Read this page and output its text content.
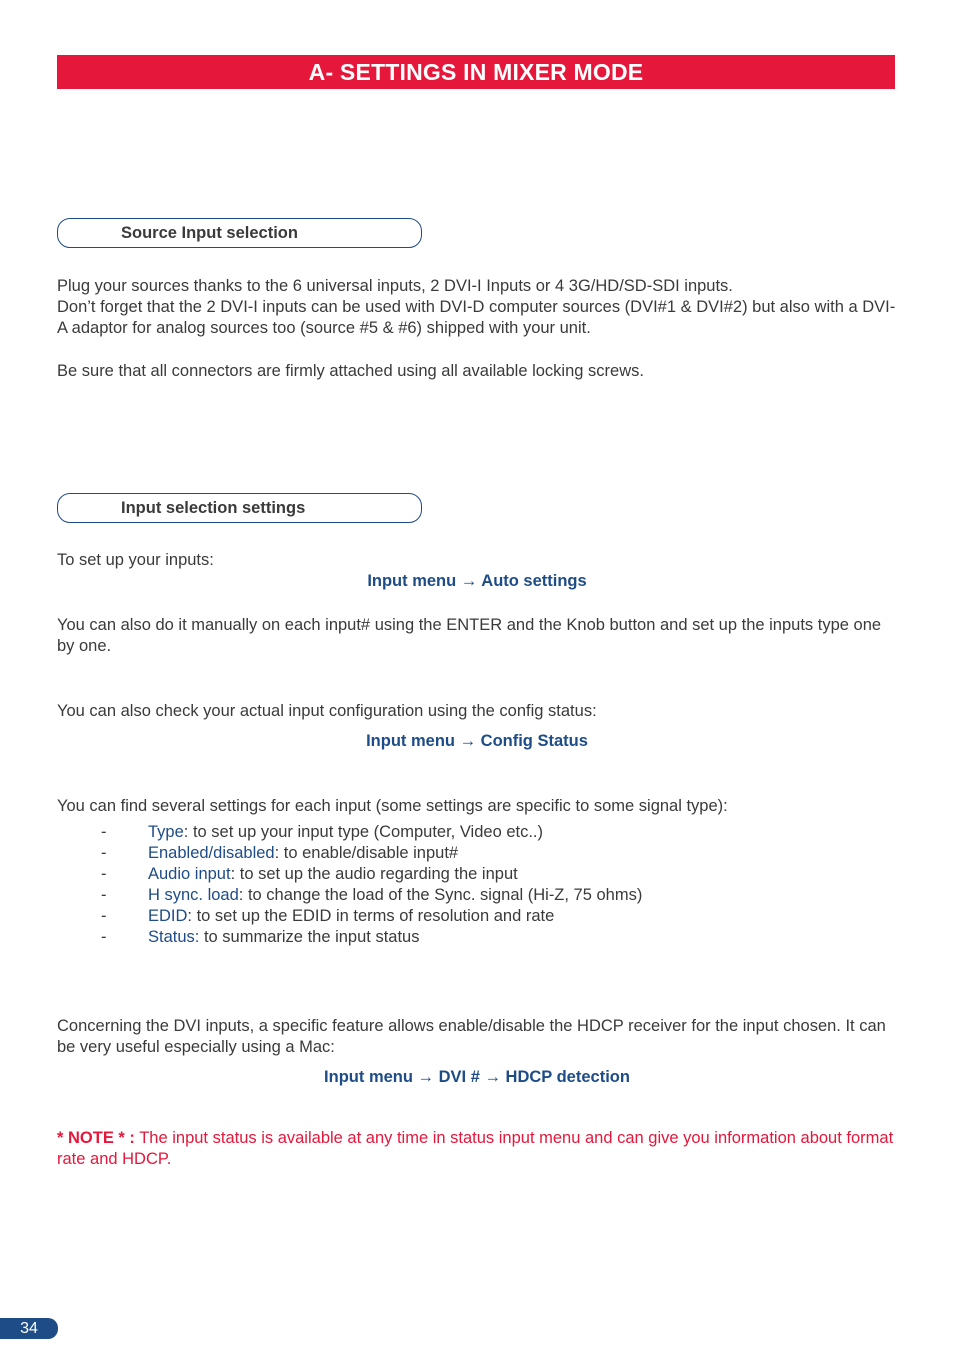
A- SETTINGS IN MIXER MODE
Source Input selection
Plug your sources thanks to the 6 universal inputs, 2 DVI-I Inputs or 4 3G/HD/SD-SDI inputs.
Don’t forget that the 2 DVI-I inputs can be used with DVI-D computer sources (DVI#1 & DVI#2) but also with a DVI-A adaptor for analog sources too (source #5 & #6) shipped with your unit.

Be sure that all connectors are firmly attached using all available locking screws.

Input selection settings

To set up your inputs:

Input menu → Auto settings

You can also do it manually on each input# using the ENTER and the Knob button and set up the inputs type one by one.

You can also check your actual input configuration using the config status:

Input menu → Config Status

You can find several settings for each input (some settings are specific to some signal type):

-	Type: to set up your input type (Computer, Video etc..)
-	Enabled/disabled: to enable/disable input#
-	Audio input: to set up the audio regarding the input
-	H sync. load: to change the load of the Sync. signal (Hi-Z, 75 ohms)
-	EDID: to set up the EDID in terms of resolution and rate
-	Status: to summarize the input status

Concerning the DVI inputs, a specific feature allows enable/disable the HDCP receiver for the input chosen. It can be very useful especially using a Mac:

Input menu → DVI # → HDCP detection

* NOTE * : The input status is available at any time in status input menu and can give you information about format rate and HDCP.

34
